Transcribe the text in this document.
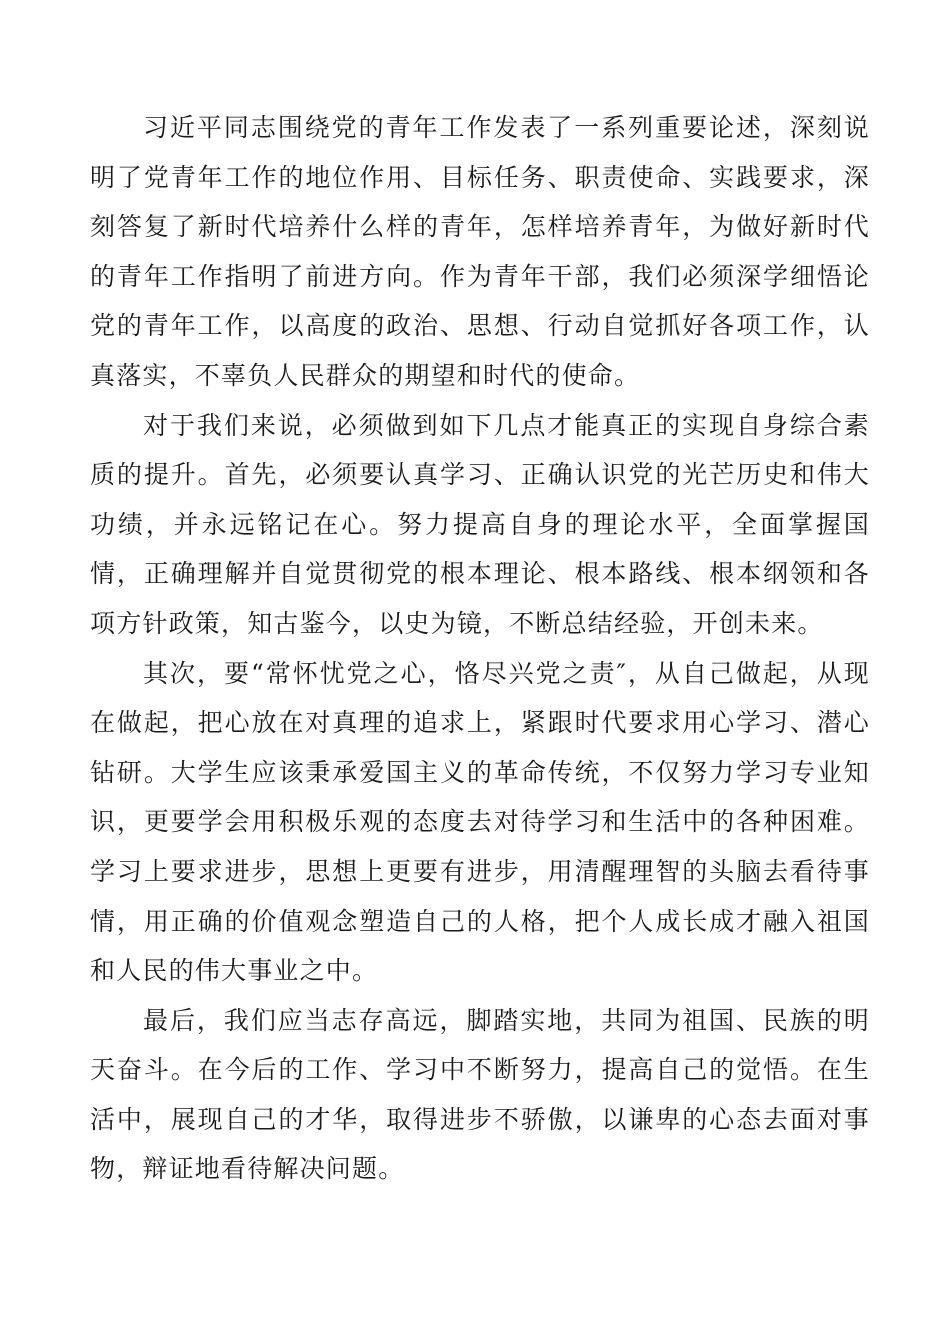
习近平同志围绕党的青年工作发表了一系列重要论述，深刻说明了党青年工作的地位作用、目标任务、职责使命、实践要求，深刻答复了新时代培养什么样的青年，怎样培养青年，为做好新时代的青年工作指明了前进方向。作为青年干部，我们必须深学细悟论党的青年工作，以高度的政治、思想、行动自觉抓好各项工作，认真落实，不辜负人民群众的期望和时代的使命。

对于我们来说，必须做到如下几点才能真正的实现自身综合素质的提升。首先，必须要认真学习、正确认识党的光芒历史和伟大功绩，并永远铭记在心。努力提高自身的理论水平，全面掌握国情，正确理解并自觉贯彻党的根本理论、根本路线、根本纲领和各项方针政策，知古鉴今，以史为镜，不断总结经验，开创未来。

其次，要“常怀忧党之心，恪尽兴党之责″，从自己做起，从现在做起，把心放在对真理的追求上，紧跟时代要求用心学习、潜心钻研。大学生应该秉承爱国主义的革命传统，不仅努力学习专业知识，更要学会用积极乐观的态度去对待学习和生活中的各种困难。学习上要求进步，思想上更要有进步，用清醒理智的头脑去看待事情，用正确的价值观念塑造自己的人格，把个人成长成才融入祖国和人民的伟大事业之中。

最后，我们应当志存高远，脚踏实地，共同为祖国、民族的明天奋斗。在今后的工作、学习中不断努力，提高自己的觉悟。在生活中，展现自己的才华，取得进步不骄傲，以谦卑的心态去面对事物，辩证地看待解决问题。
